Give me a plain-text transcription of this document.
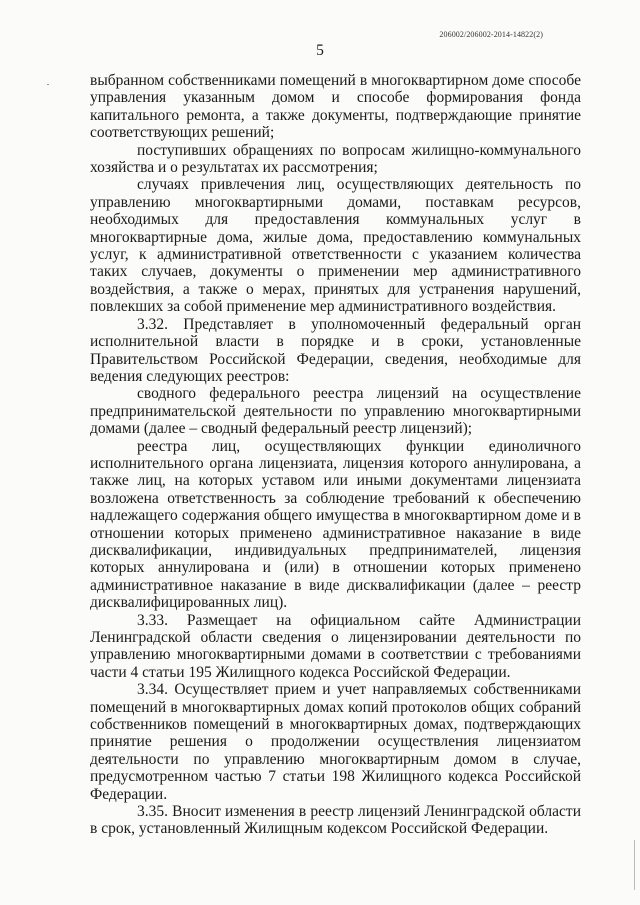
206002/206002-2014-14822(2)
5

выбранном собственниками помещений в многоквартирном доме способе управления указанным домом и способе формирования фонда капитального ремонта, а также документы, подтверждающие принятие соответствующих решений;

поступивших обращениях по вопросам жилищно-коммунального хозяйства и о результатах их рассмотрения;

случаях привлечения лиц, осуществляющих деятельность по управлению многоквартирными домами, поставкам ресурсов, необходимых для предоставления коммунальных услуг в многоквартирные дома, жилые дома, предоставлению коммунальных услуг, к административной ответственности с указанием количества таких случаев, документы о применении мер административного воздействия, а также о мерах, принятых для устранения нарушений, повлекших за собой применение мер административного воздействия.

3.32. Представляет в уполномоченный федеральный орган исполнительной власти в порядке и в сроки, установленные Правительством Российской Федерации, сведения, необходимые для ведения следующих реестров:

сводного федерального реестра лицензий на осуществление предпринимательской деятельности по управлению многоквартирными домами (далее – сводный федеральный реестр лицензий);

реестра лиц, осуществляющих функции единоличного исполнительного органа лицензиата, лицензия которого аннулирована, а также лиц, на которых уставом или иными документами лицензиата возложена ответственность за соблюдение требований к обеспечению надлежащего содержания общего имущества в многоквартирном доме и в отношении которых применено административное наказание в виде дисквалификации, индивидуальных предпринимателей, лицензия которых аннулирована и (или) в отношении которых применено административное наказание в виде дисквалификации (далее – реестр дисквалифицированных лиц).

3.33. Размещает на официальном сайте Администрации Ленинградской области сведения о лицензировании деятельности по управлению многоквартирными домами в соответствии с требованиями части 4 статьи 195 Жилищного кодекса Российской Федерации.

3.34. Осуществляет прием и учет направляемых собственниками помещений в многоквартирных домах копий протоколов общих собраний собственников помещений в многоквартирных домах, подтверждающих принятие решения о продолжении осуществления лицензиатом деятельности по управлению многоквартирным домом в случае, предусмотренном частью 7 статьи 198 Жилищного кодекса Российской Федерации.

3.35. Вносит изменения в реестр лицензий Ленинградской области в срок, установленный Жилищным кодексом Российской Федерации.
